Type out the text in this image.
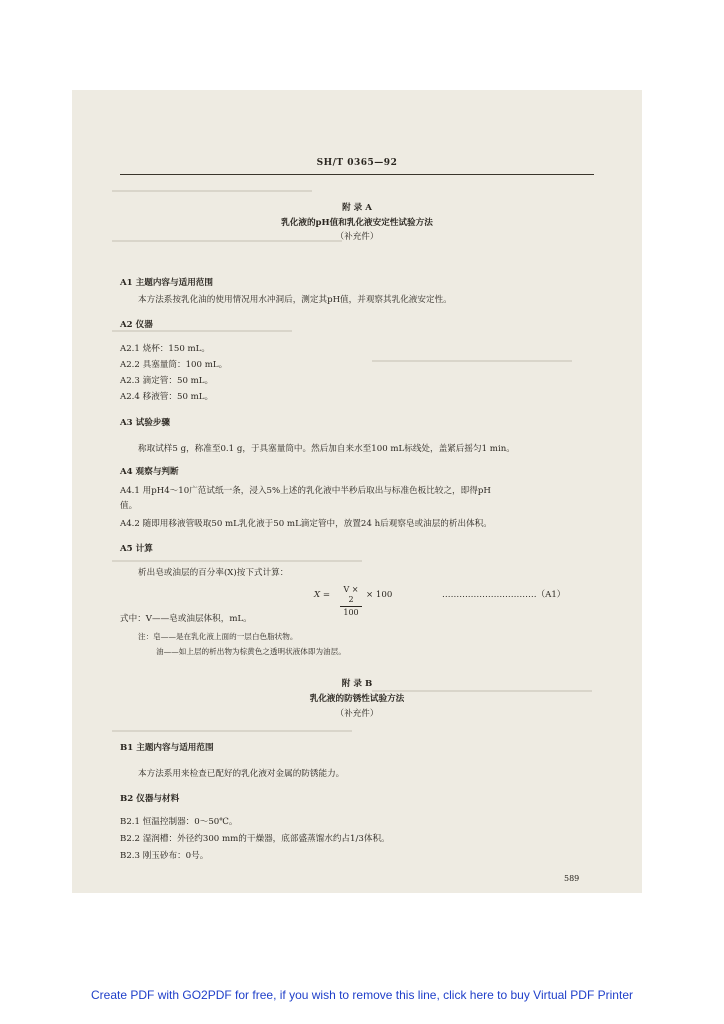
SH/T 0365—92
附 录 A
乳化液的pH值和乳化液安定性试验方法
（补充件）
A1 主题内容与适用范围
本方法系按乳化油的使用情况用水冲洞后，测定其pH值，并观察其乳化液安定性。
A2 仪器
A2.1 烧杯：150 mL。
A2.2 具塞量筒：100 mL。
A2.3 滴定管：50 mL。
A2.4 移液管：50 mL。
A3 试验步骤
称取试样5 g，称准至0.1 g，于具塞量筒中。然后加自来水至100 mL标线处，盖紧后摇匀1 min。
A4 观察与判断
A4.1 用pH4～10广范试纸一条，浸入5%上述的乳化液中半秒后取出与标准色板比较之，即得pH
值。
A4.2 随即用移液管吸取50 mL乳化液于50 mL滴定管中，放置24 h后观察皂或油层的析出体积。
A5 计算
析出皂或油层的百分率(X)按下式计算：
X =
V × 2
100
× 100	……………………………（A1）
式中：V——皂或油层体积，mL。
注：皂——是在乳化液上面的一层白色脂状物。
油——如上层的析出物为棕黄色之透明状液体即为油层。
附 录 B
乳化液的防锈性试验方法
（补充件）
B1 主题内容与适用范围
本方法系用来检查已配好的乳化液对金属的防锈能力。
B2 仪器与材料
B2.1 恒温控制器：0～50℃。
B2.2 湿润槽：外径约300 mm的干燥器，底部盛蒸馏水约占1/3体积。
B2.3 刚玉砂布：0号。
589
Create PDF with GO2PDF for free, if you wish to remove this line, click here to buy Virtual PDF Printer
